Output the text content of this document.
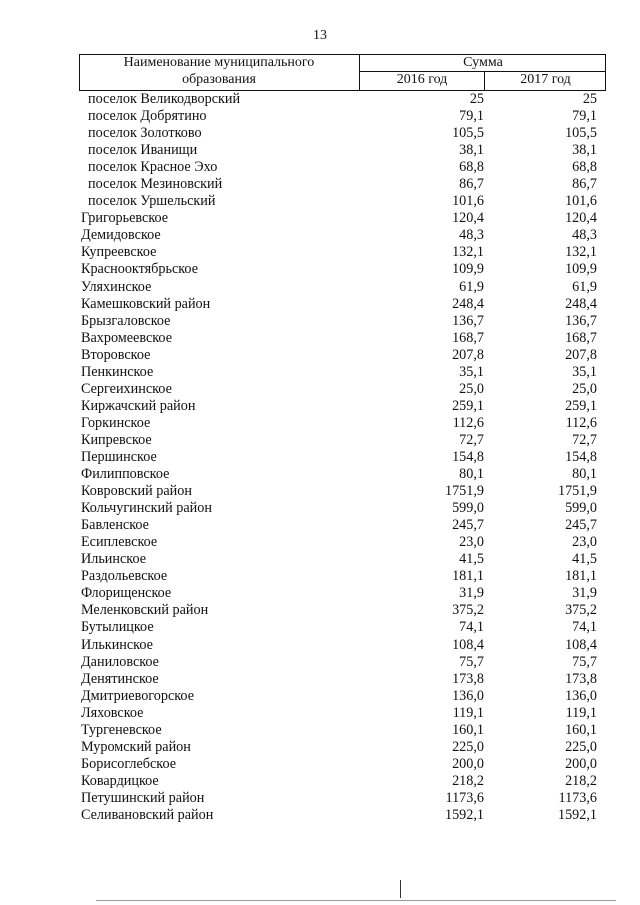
13
Наименование муниципального
образования
Сумма
2016 год	2017 год
поселок Великодворский	25	25
поселок Добрятино	79,1	79,1
поселок Золотково	105,5	105,5
поселок Иванищи	38,1	38,1
поселок Красное Эхо	68,8	68,8
поселок Мезиновский	86,7	86,7
поселок Уршельский	101,6	101,6
Григорьевское	120,4	120,4
Демидовское	48,3	48,3
Купреевское	132,1	132,1
Краснооктябрьское	109,9	109,9
Уляхинское	61,9	61,9
Камешковский район	248,4	248,4
Брызгаловское	136,7	136,7
Вахромеевское	168,7	168,7
Второвское	207,8	207,8
Пенкинское	35,1	35,1
Сергеихинское	25,0	25,0
Киржачский район	259,1	259,1
Горкинское	112,6	112,6
Кипревское	72,7	72,7
Першинское	154,8	154,8
Филипповское	80,1	80,1
Ковровский район	1751,9	1751,9
Кольчугинский район	599,0	599,0
Бавленское	245,7	245,7
Есиплевское	23,0	23,0
Ильинское	41,5	41,5
Раздольевское	181,1	181,1
Флорищенское	31,9	31,9
Меленковский район	375,2	375,2
Бутылицкое	74,1	74,1
Илькинское	108,4	108,4
Даниловское	75,7	75,7
Денятинское	173,8	173,8
Дмитриевогорское	136,0	136,0
Ляховское	119,1	119,1
Тургеневское	160,1	160,1
Муромский район	225,0	225,0
Борисоглебское	200,0	200,0
Ковардицкое	218,2	218,2
Петушинский район	1173,6	1173,6
Селивановский район	1592,1	1592,1
